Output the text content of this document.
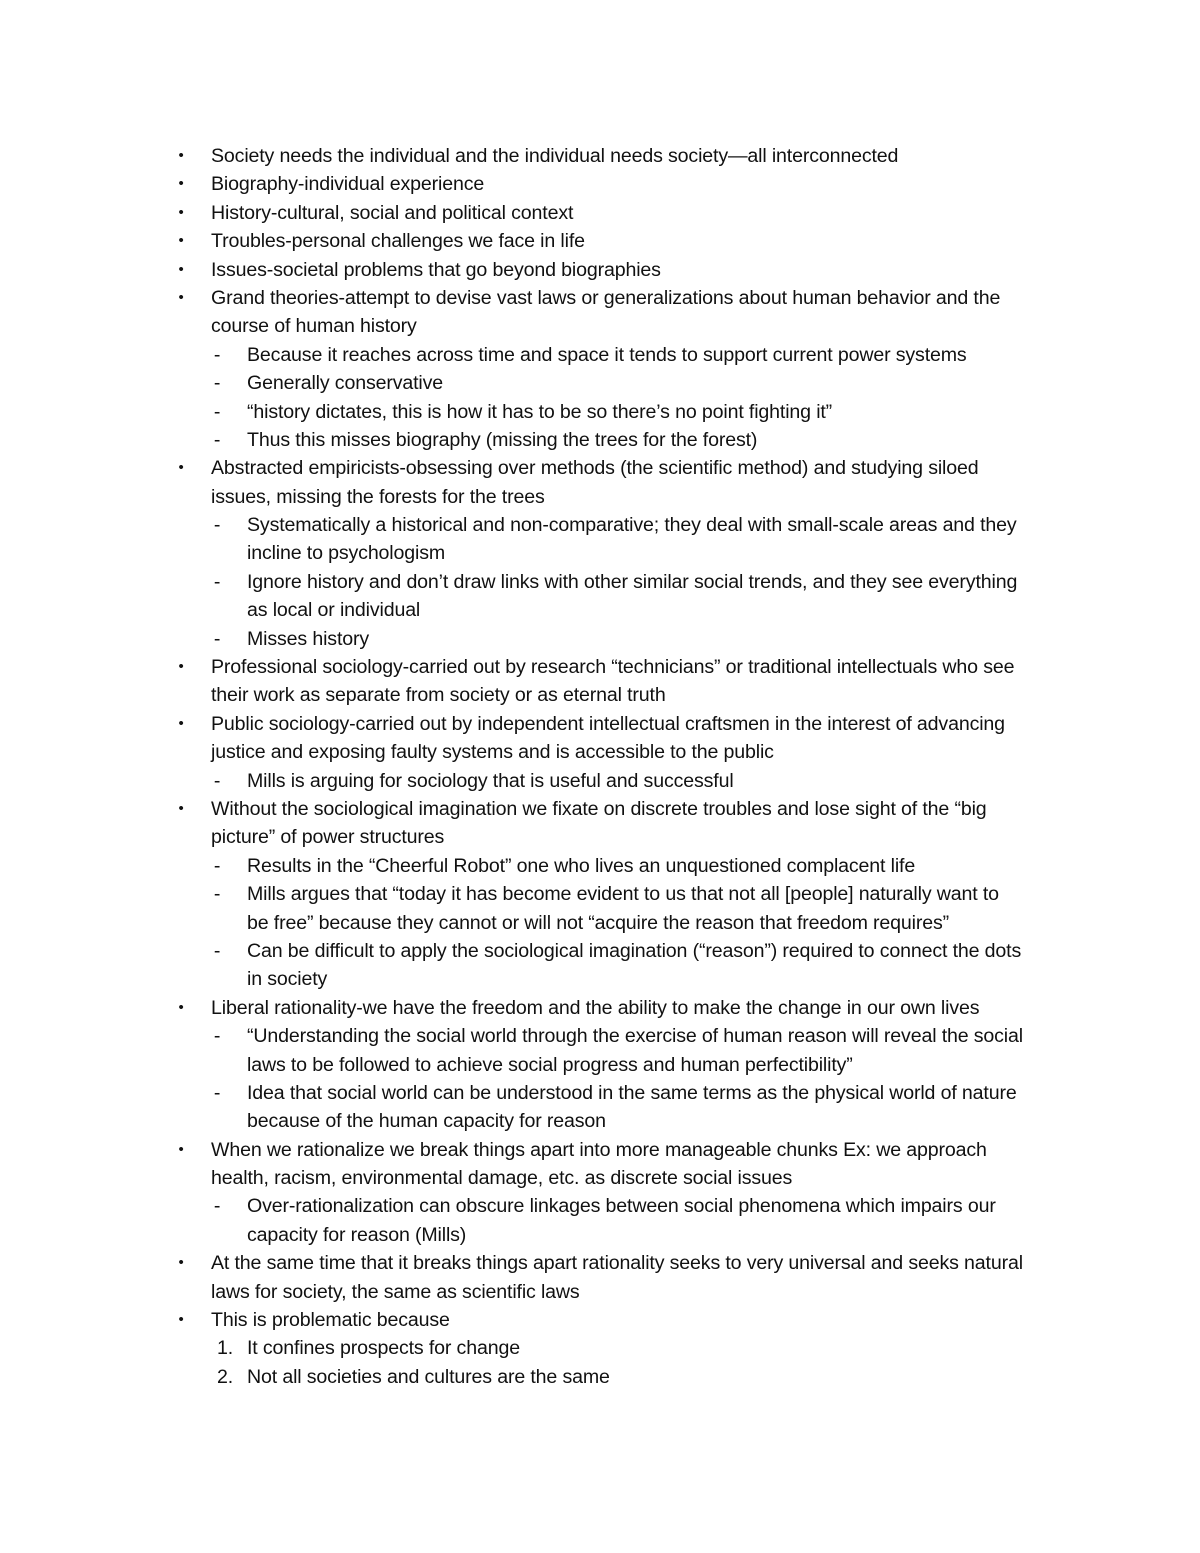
•	Society needs the individual and the individual needs society—all interconnected
•	Biography-individual experience
•	History-cultural, social and political context
•	Troubles-personal challenges we face in life
•	Issues-societal problems that go beyond biographies
•	Grand theories-attempt to devise vast laws or generalizations about human behavior and the
course of human history
-	Because it reaches across time and space it tends to support current power systems
-	Generally conservative
-	“history dictates, this is how it has to be so there’s no point fighting it”
-	Thus this misses biography (missing the trees for the forest)
•	Abstracted empiricists-obsessing over methods (the scientific method) and studying siloed
issues, missing the forests for the trees
-	Systematically a historical and non-comparative; they deal with small-scale areas and they
incline to psychologism
-	Ignore history and don’t draw links with other similar social trends, and they see everything
as local or individual
-	Misses history
•	Professional sociology-carried out by research “technicians” or traditional intellectuals who see
their work as separate from society or as eternal truth
•	Public sociology-carried out by independent intellectual craftsmen in the interest of advancing
justice and exposing faulty systems and is accessible to the public
-	Mills is arguing for sociology that is useful and successful
•	Without the sociological imagination we fixate on discrete troubles and lose sight of the “big
picture” of power structures
-	Results in the “Cheerful Robot” one who lives an unquestioned complacent life
-	Mills argues that “today it has become evident to us that not all [people] naturally want to
be free” because they cannot or will not “acquire the reason that freedom requires”
-	Can be difficult to apply the sociological imagination (“reason”) required to connect the dots
in society
•	Liberal rationality-we have the freedom and the ability to make the change in our own lives
-	“Understanding the social world through the exercise of human reason will reveal the social
laws to be followed to achieve social progress and human perfectibility”
-	Idea that social world can be understood in the same terms as the physical world of nature
because of the human capacity for reason
•	When we rationalize we break things apart into more manageable chunks Ex: we approach
health, racism, environmental damage, etc. as discrete social issues
-	Over-rationalization can obscure linkages between social phenomena which impairs our
capacity for reason (Mills)
•	At the same time that it breaks things apart rationality seeks to very universal and seeks natural
laws for society, the same as scientific laws
•	This is problematic because
1. It confines prospects for change
2. Not all societies and cultures are the same
